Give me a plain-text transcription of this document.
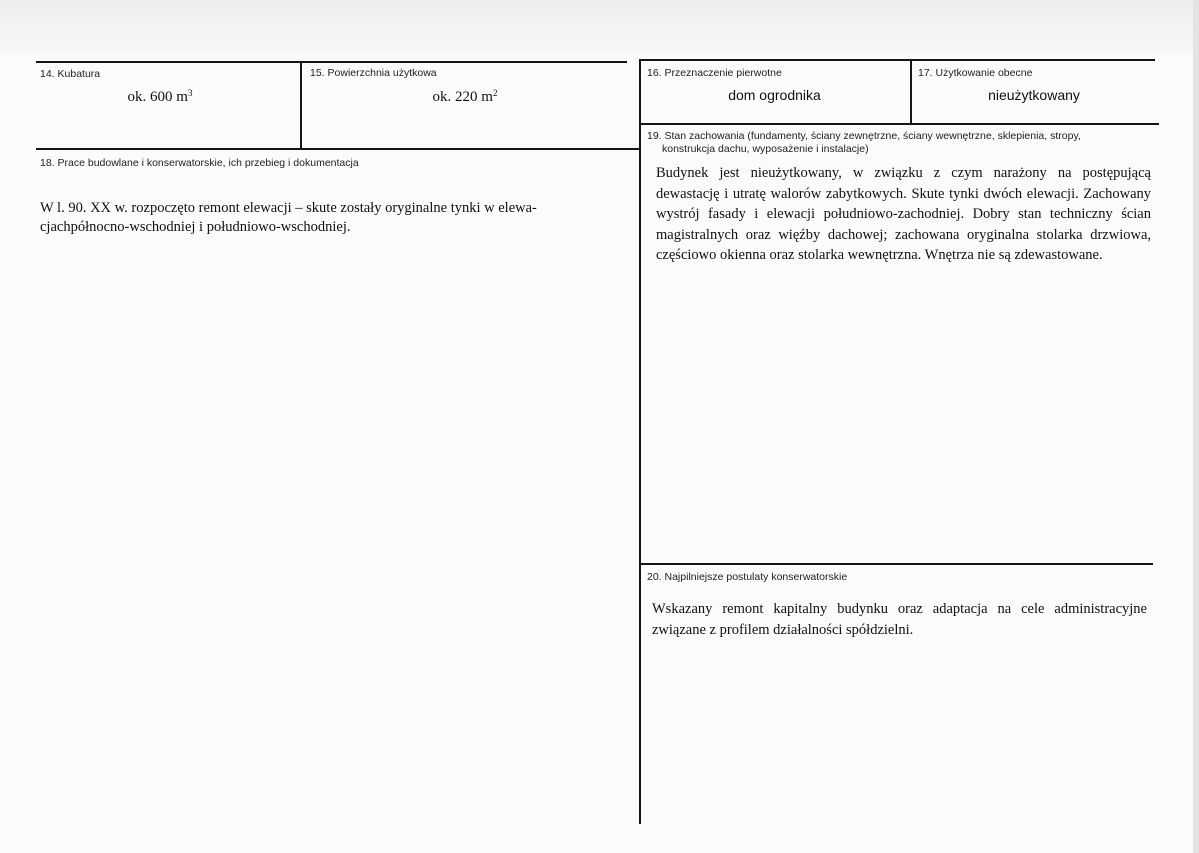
14. Kubatura
ok. 600 $m^3$
15. Powierzchnia użytkowa
ok. 220 $m^2$
16. Przeznaczenie pierwotne
dom ogrodnika
17. Użytkowanie obecne
nieużytkowany
18. Prace budowlane i konserwatorskie, ich przebieg i dokumentacja
W l. 90. XX w. rozpoczęto remont elewacji – skute zostały oryginalne tynki w elewa-
cjachpółnocno-wschodniej i południowo-wschodniej.
19. Stan zachowania (fundamenty, ściany zewnętrzne, ściany wewnętrzne, sklepienia, stropy,
konstrukcja dachu, wyposażenie i instalacje)

Budynek jest nieużytkowany, w związku z czym narażony na postępującą dewastację i utratę walorów zabytkowych. Skute tynki dwóch elewacji. Zachowany wystrój fasady i elewacji południowo-zachodniej. Dobry stan techniczny ścian magistralnych oraz więźby dachowej; zachowana oryginalna stolarka drzwiowa, częściowo okienna oraz stolarka wewnętrzna. Wnętrza nie są zdewastowane.

20. Najpilniejsze postulaty konserwatorskie

Wskazany remont kapitalny budynku oraz adaptacja na cele administracyjne związane z profilem działalności spółdzielni.
